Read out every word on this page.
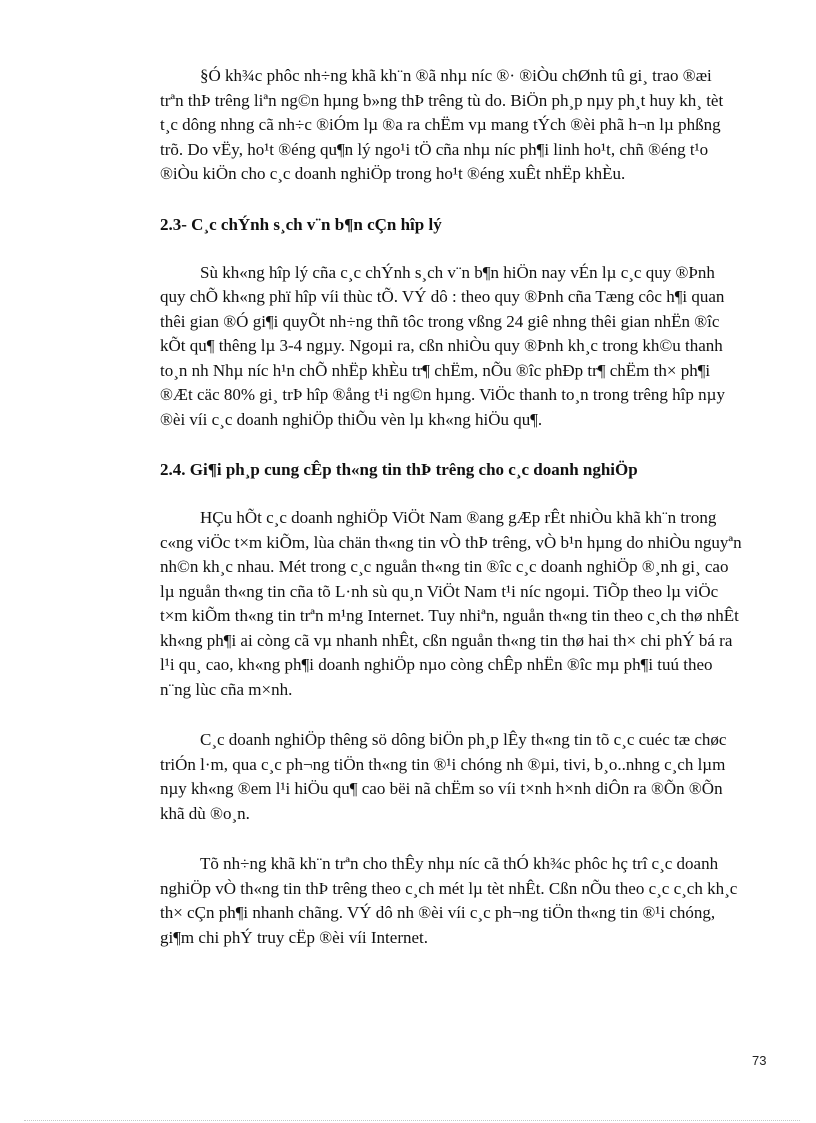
§Ó kh¾c phôc nh÷ng khã kh¨n ®ã nhµ níc ®· ®iÒu chØnh tû gi¸ trao ®æi
trªn thÞ trêng liªn ng©n hµng b»ng thÞ trêng tù do. BiÖn ph¸p nµy ph¸t huy kh¸ tèt
t¸c dông nhng cã nh÷c ®iÓm lµ ®a ra chËm vµ mang tÝch ®èi phã h¬n lµ phßng
trõ. Do vËy, ho¹t ®éng qu¶n lý ngo¹i tÖ cña nhµ níc ph¶i linh ho¹t, chñ ®éng t¹o
®iÒu kiÖn cho c¸c doanh nghiÖp trong ho¹t ®éng xuÊt nhËp khÈu.
2.3- C¸c chÝnh s¸ch v¨n b¶n cÇn hîp lý
Sù kh«ng hîp lý cña c¸c chÝnh s¸ch v¨n b¶n hiÖn nay vÉn lµ c¸c quy ®Þnh
quy chÕ kh«ng phï hîp víi thùc tÕ. VÝ dô : theo quy ®Þnh cña Tæng côc h¶i quan
thêi gian ®Ó gi¶i quyÕt nh÷ng thñ tôc trong vßng 24 giê nhng thêi gian nhËn ®îc
kÕt qu¶ thêng lµ 3-4 ngµy. Ngoµi ra, cßn nhiÒu quy ®Þnh kh¸c trong kh©u thanh
to¸n nh Nhµ níc h¹n chÕ nhËp khÈu tr¶ chËm, nÕu ®îc phÐp tr¶ chËm th× ph¶i
®Æt cäc 80% gi¸ trÞ hîp ®ång t¹i ng©n hµng. ViÖc thanh to¸n trong trêng hîp nµy
®èi víi c¸c doanh nghiÖp thiÕu vèn lµ kh«ng hiÖu qu¶.
2.4. Gi¶i ph¸p cung cÊp th«ng tin thÞ trêng cho c¸c doanh nghiÖp
HÇu hÕt c¸c doanh nghiÖp ViÖt Nam ®ang gÆp rÊt nhiÒu khã kh¨n trong
c«ng viÖc t×m kiÕm, lùa chän th«ng tin vÒ thÞ trêng, vÒ b¹n hµng do nhiÒu nguyªn
nh©n kh¸c nhau. Mét trong c¸c nguån th«ng tin ®îc c¸c doanh nghiÖp ®¸nh gi¸ cao
lµ nguån th«ng tin cña tõ L·nh sù qu¸n ViÖt Nam t¹i níc ngoµi. TiÕp theo lµ viÖc
t×m kiÕm th«ng tin trªn m¹ng Internet. Tuy nhiªn, nguån th«ng tin theo c¸ch thø nhÊt
kh«ng ph¶i ai còng cã vµ nhanh nhÊt, cßn nguån th«ng tin thø hai th× chi phÝ bá ra
l¹i qu¸ cao, kh«ng ph¶i doanh nghiÖp nµo còng chÊp nhËn ®îc mµ ph¶i tuú theo
n¨ng lùc cña m×nh.
C¸c doanh nghiÖp thêng sö dông biÖn ph¸p lÊy th«ng tin tõ c¸c cuéc tæ chøc
triÓn l·m, qua c¸c ph¬ng tiÖn th«ng tin ®¹i chóng nh ®µi, tivi, b¸o..nhng c¸ch lµm
nµy kh«ng ®em l¹i hiÖu qu¶ cao bëi nã chËm so víi t×nh h×nh diÔn ra ®Õn ®Õn
khã dù ®o¸n.
Tõ nh÷ng khã kh¨n trªn cho thÊy nhµ níc cã thÓ kh¾c phôc hç trî c¸c doanh
nghiÖp vÒ th«ng tin thÞ trêng theo c¸ch mét lµ tèt nhÊt. Cßn nÕu theo c¸c c¸ch kh¸c
th× cÇn ph¶i nhanh chãng. VÝ dô nh ®èi víi c¸c ph¬ng tiÖn th«ng tin ®¹i chóng,
gi¶m chi phÝ truy cËp ®èi víi Internet.
73
